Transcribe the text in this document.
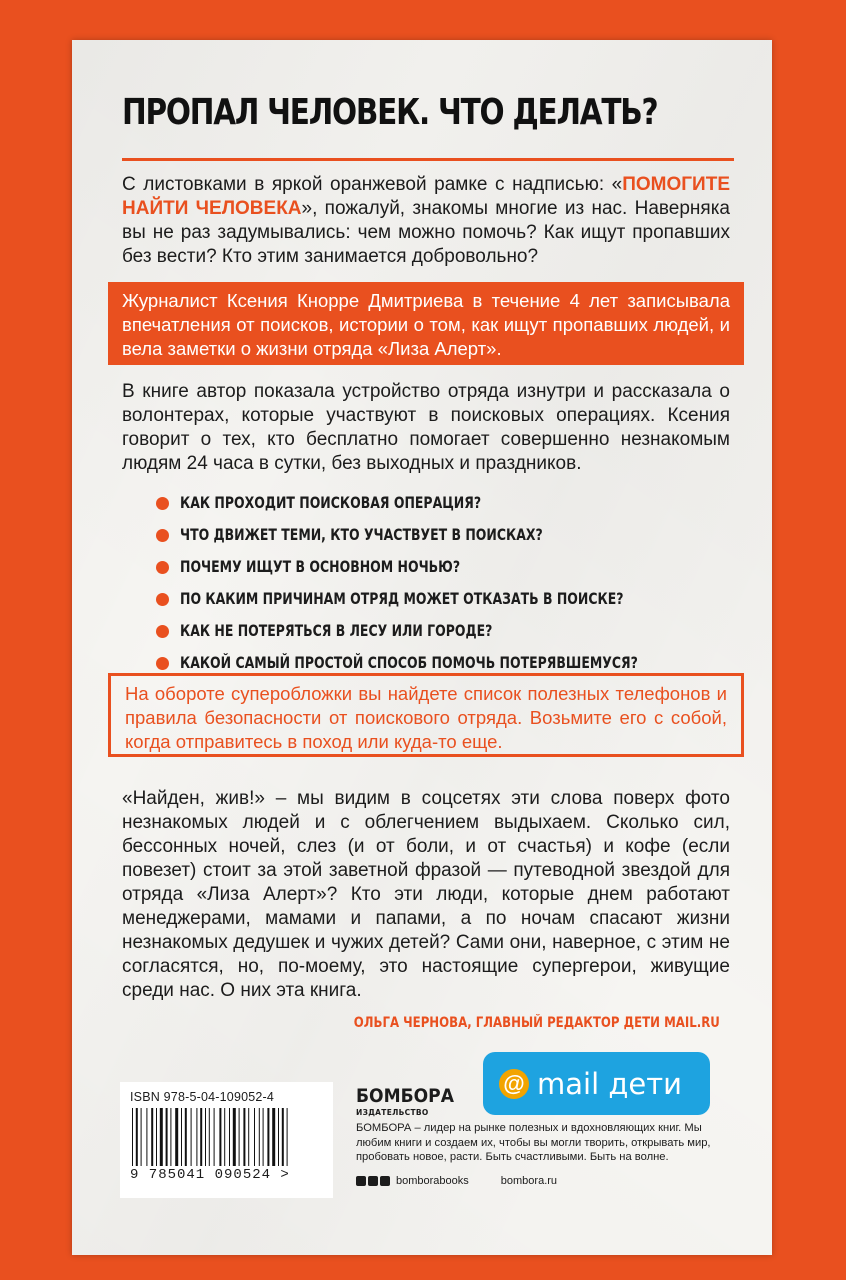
ПРОПАЛ ЧЕЛОВЕК. ЧТО ДЕЛАТЬ?
С листовками в яркой оранжевой рамке с надписью: «ПОМОГИТЕ НАЙТИ ЧЕЛОВЕКА», пожалуй, знакомы многие из нас. Наверняка вы не раз задумывались: чем можно помочь? Как ищут пропавших без вести? Кто этим занимается добровольно?
Журналист Ксения Кнорре Дмитриева в течение 4 лет записывала впечатления от поисков, истории о том, как ищут пропавших людей, и вела заметки о жизни отряда «Лиза Алерт».
В книге автор показала устройство отряда изнутри и рассказала о волонтерах, которые участвуют в поисковых операциях. Ксения говорит о тех, кто бесплатно помогает совершенно незнакомым людям 24 часа в сутки, без выходных и праздников.
КАК ПРОХОДИТ ПОИСКОВАЯ ОПЕРАЦИЯ?
ЧТО ДВИЖЕТ ТЕМИ, КТО УЧАСТВУЕТ В ПОИСКАХ?
ПОЧЕМУ ИЩУТ В ОСНОВНОМ НОЧЬЮ?
ПО КАКИМ ПРИЧИНАМ ОТРЯД МОЖЕТ ОТКАЗАТЬ В ПОИСКЕ?
КАК НЕ ПОТЕРЯТЬСЯ В ЛЕСУ ИЛИ ГОРОДЕ?
КАКОЙ САМЫЙ ПРОСТОЙ СПОСОБ ПОМОЧЬ ПОТЕРЯВШЕМУСЯ?
На обороте суперобложки вы найдете список полезных телефонов и правила безопасности от поискового отряда. Возьмите его с собой, когда отправитесь в поход или куда-то еще.
«Найден, жив!» – мы видим в соцсетях эти слова поверх фото незнакомых людей и с облегчением выдыхаем. Сколько сил, бессонных ночей, слез (и от боли, и от счастья) и кофе (если повезет) стоит за этой заветной фразой — путеводной звездой для отряда «Лиза Алерт»? Кто эти люди, которые днем работают менеджерами, мамами и папами, а по ночам спасают жизни незнакомых дедушек и чужих детей? Сами они, наверное, с этим не согласятся, но, по-моему, это настоящие супергерои, живущие среди нас. О них эта книга.
ОЛЬГА ЧЕРНОВА, ГЛАВНЫЙ РЕДАКТОР ДЕТИ MAIL.RU
ISBN 978-5-04-109052-4
9 785041 090524 >
БОМБОРА
ИЗДАТЕЛЬСТВО
@ mail дети
БОМБОРА – лидер на рынке полезных и вдохновляющих книг. Мы любим книги и создаем их, чтобы вы могли творить, открывать мир, пробовать новое, расти. Быть счастливыми. Быть на волне.
bomborabooks	bombora.ru
